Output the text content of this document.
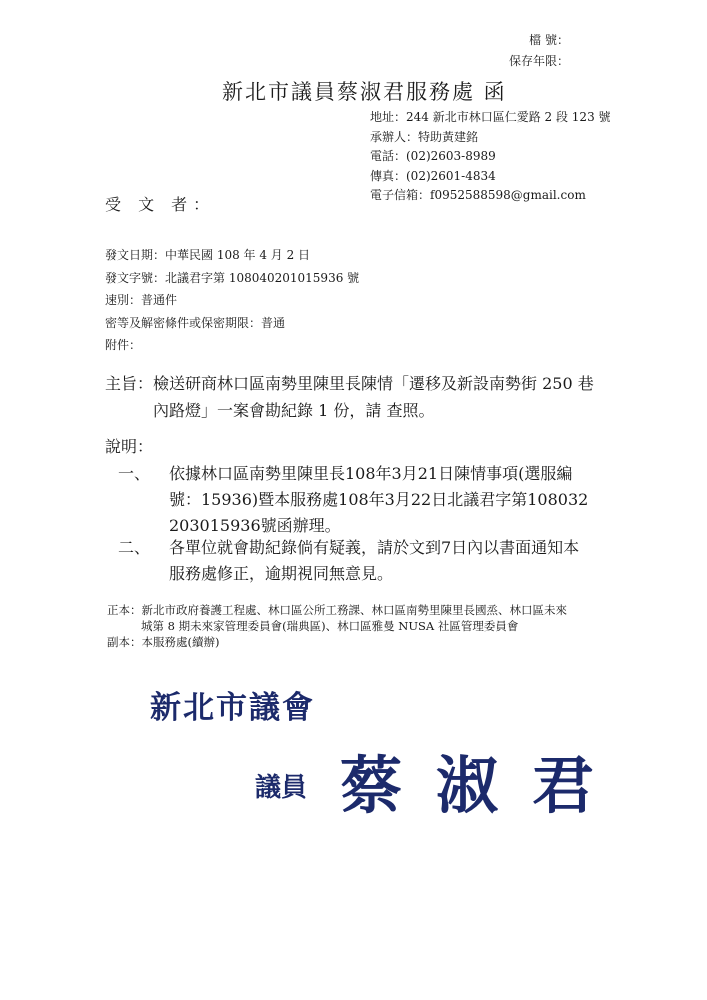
檔 號：
保存年限：
新北市議員蔡淑君服務處 函
地址：244 新北市林口區仁愛路 2 段 123 號
承辦人：特助黃建銘
電話：(02)2603-8989
傳真：(02)2601-4834
電子信箱：f0952588598@gmail.com
受 文 者：
發文日期：中華民國 108 年 4 月 2 日
發文字號：北議君字第 108040201015936 號
速別：普通件
密等及解密條件或保密期限：普通
附件：
主旨：檢送研商林口區南勢里陳里長陳情「遷移及新設南勢街 250 巷
內路燈」一案會勘紀錄 1 份，請 查照。
說明：
一、 依據林口區南勢里陳里長108年3月21日陳情事項(選服編號：15936)暨本服務處108年3月22日北議君字第108032203015936號函辦理。
二、 各單位就會勘紀錄倘有疑義，請於文到7日內以書面通知本服務處修正，逾期視同無意見。
正本：新北市政府養護工程處、林口區公所工務課、林口區南勢里陳里長國烝、林口區未來
城第 8 期未來家管理委員會(瑞典區)、林口區雅曼 NUSA 社區管理委員會
副本：本服務處(續辦)
新北市議會
議員 蔡淑君
